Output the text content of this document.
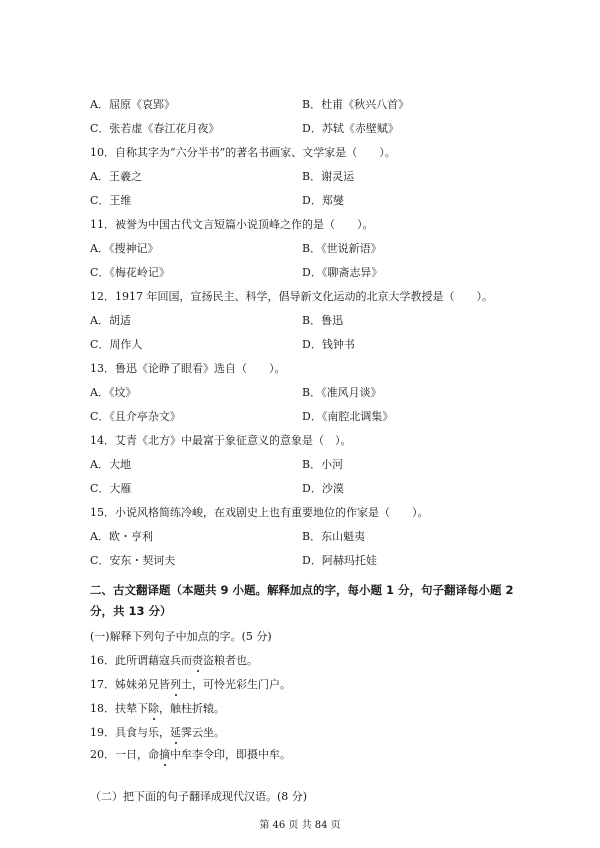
A．屈原《哀郢》	B．杜甫《秋兴八首》
C．张若虚《春江花月夜》	D．苏轼《赤壁赋》
10．自称其字为“六分半书”的著名书画家、文学家是（　　）。
A．王羲之	B．谢灵运
C．王维	D．郑燮
11．被誉为中国古代文言短篇小说顶峰之作的是（　　）。
A．《搜神记》	B．《世说新语》
C．《梅花岭记》	D．《聊斋志异》
12．1917 年回国，宣扬民主、科学，倡导新文化运动的北京大学教授是（　　）。
A．胡适	B．鲁迅
C．周作人	D．钱钟书
13．鲁迅《论睁了眼看》选自（　　）。
A．《坟》	B．《准风月谈》
C．《且介亭杂文》	D．《南腔北调集》
14．艾青《北方》中最富于象征意义的意象是（　）。
A．大地	B．小河
C．大雁	D．沙漠
15．小说风格简练冷峻，在戏剧史上也有重要地位的作家是（　　）。
A．欧・亨利	B．东山魁夷
C．安东・契诃夫	D．阿赫玛托娃
二、古文翻译题（本题共 9 小题。解释加点的字，每小题 1 分，句子翻译每小题 2 分，共 13 分）
(一)解释下列句子中加点的字。(5 分)
16．此所谓藉寇兵而赍盗粮者也。
17．姊妹弟兄皆列土，可怜光彩生门户。
18．扶辇下除，触柱折辕。
19．具食与乐，延霁云坐。
20．一日，命摘中牟李令印，即摄中牟。
第 46 页 共 84 页
（二）把下面的句子翻译成现代汉语。(8 分)
